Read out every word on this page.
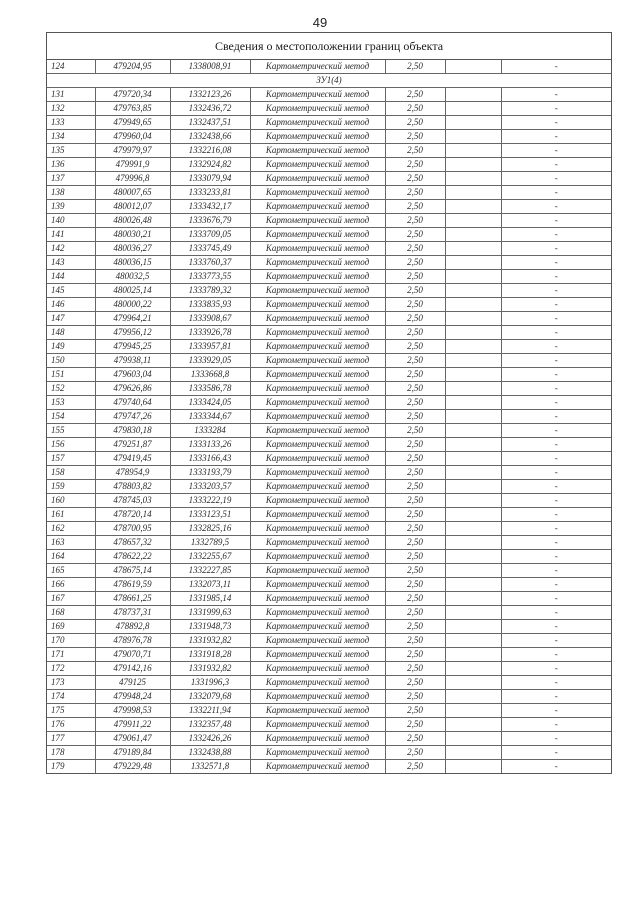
49
Сведения о местоположении границ объекта
124	479204,95	1338008,91	Картометрический метод	2,50		-
ЗУ1(4)						
131	479720,34	1332123,26	Картометрический метод	2,50		-
132	479763,85	1332436,72	Картометрический метод	2,50		-
133	479949,65	1332437,51	Картометрический метод	2,50		-
134	479960,04	1332438,66	Картометрический метод	2,50		-
135	479979,97	1332216,08	Картометрический метод	2,50		-
136	479991,9	1332924,82	Картометрический метод	2,50		-
137	479996,8	1333079,94	Картометрический метод	2,50		-
138	480007,65	1333233,81	Картометрический метод	2,50		-
139	480012,07	1333432,17	Картометрический метод	2,50		-
140	480026,48	1333676,79	Картометрический метод	2,50		-
141	480030,21	1333709,05	Картометрический метод	2,50		-
142	480036,27	1333745,49	Картометрический метод	2,50		-
143	480036,15	1333760,37	Картометрический метод	2,50		-
144	480032,5	1333773,55	Картометрический метод	2,50		-
145	480025,14	1333789,32	Картометрический метод	2,50		-
146	480000,22	1333835,93	Картометрический метод	2,50		-
147	479964,21	1333908,67	Картометрический метод	2,50		-
148	479956,12	1333926,78	Картометрический метод	2,50		-
149	479945,25	1333957,81	Картометрический метод	2,50		-
150	479938,11	1333929,05	Картометрический метод	2,50		-
151	479603,04	1333668,8	Картометрический метод	2,50		-
152	479626,86	1333586,78	Картометрический метод	2,50		-
153	479740,64	1333424,05	Картометрический метод	2,50		-
154	479747,26	1333344,67	Картометрический метод	2,50		-
155	479830,18	1333284	Картометрический метод	2,50		-
156	479251,87	1333133,26	Картометрический метод	2,50		-
157	479419,45	1333166,43	Картометрический метод	2,50		-
158	478954,9	1333193,79	Картометрический метод	2,50		-
159	478803,82	1333203,57	Картометрический метод	2,50		-
160	478745,03	1333222,19	Картометрический метод	2,50		-
161	478720,14	1333123,51	Картометрический метод	2,50		-
162	478700,95	1332825,16	Картометрический метод	2,50		-
163	478657,32	1332789,5	Картометрический метод	2,50		-
164	478622,22	1332255,67	Картометрический метод	2,50		-
165	478675,14	1332227,85	Картометрический метод	2,50		-
166	478619,59	1332073,11	Картометрический метод	2,50		-
167	478661,25	1331985,14	Картометрический метод	2,50		-
168	478737,31	1331999,63	Картометрический метод	2,50		-
169	478892,8	1331948,73	Картометрический метод	2,50		-
170	478976,78	1331932,82	Картометрический метод	2,50		-
171	479070,71	1331918,28	Картометрический метод	2,50		-
172	479142,16	1331932,82	Картометрический метод	2,50		-
173	479125	1331996,3	Картометрический метод	2,50		-
174	479948,24	1332079,68	Картометрический метод	2,50		-
175	479998,53	1332211,94	Картометрический метод	2,50		-
176	479911,22	1332357,48	Картометрический метод	2,50		-
177	479061,47	1332426,26	Картометрический метод	2,50		-
178	479189,84	1332438,88	Картометрический метод	2,50		-
179	479229,48	1332571,8	Картометрический метод	2,50		-
